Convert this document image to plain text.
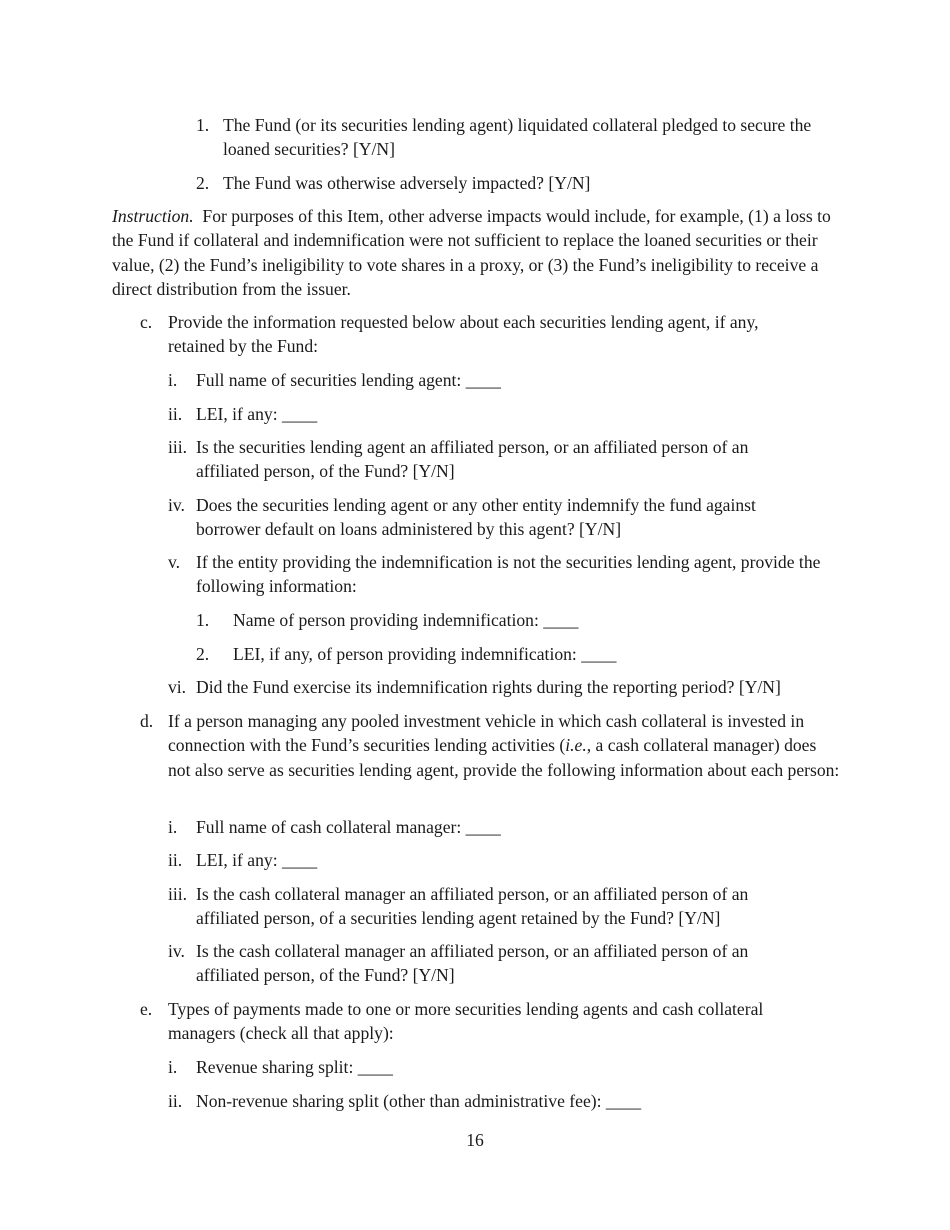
1. The Fund (or its securities lending agent) liquidated collateral pledged to secure the loaned securities? [Y/N]
2. The Fund was otherwise adversely impacted? [Y/N]

Instruction. For purposes of this Item, other adverse impacts would include, for example, (1) a loss to the Fund if collateral and indemnification were not sufficient to replace the loaned securities or their value, (2) the Fund’s ineligibility to vote shares in a proxy, or (3) the Fund’s ineligibility to receive a direct distribution from the issuer.

c. Provide the information requested below about each securities lending agent, if any, retained by the Fund:
i. Full name of securities lending agent: ____
ii. LEI, if any: ____
iii. Is the securities lending agent an affiliated person, or an affiliated person of an affiliated person, of the Fund? [Y/N]
iv. Does the securities lending agent or any other entity indemnify the fund against borrower default on loans administered by this agent? [Y/N]
v. If the entity providing the indemnification is not the securities lending agent, provide the following information:
1. Name of person providing indemnification: ____
2. LEI, if any, of person providing indemnification: ____
vi. Did the Fund exercise its indemnification rights during the reporting period? [Y/N]
d. If a person managing any pooled investment vehicle in which cash collateral is invested in connection with the Fund’s securities lending activities (i.e., a cash collateral manager) does not also serve as securities lending agent, provide the following information about each person:
i. Full name of cash collateral manager: ____
ii. LEI, if any: ____
iii. Is the cash collateral manager an affiliated person, or an affiliated person of an affiliated person, of a securities lending agent retained by the Fund? [Y/N]
iv. Is the cash collateral manager an affiliated person, or an affiliated person of an affiliated person, of the Fund? [Y/N]
e. Types of payments made to one or more securities lending agents and cash collateral managers (check all that apply):
i. Revenue sharing split: ____
ii. Non-revenue sharing split (other than administrative fee): ____
16
